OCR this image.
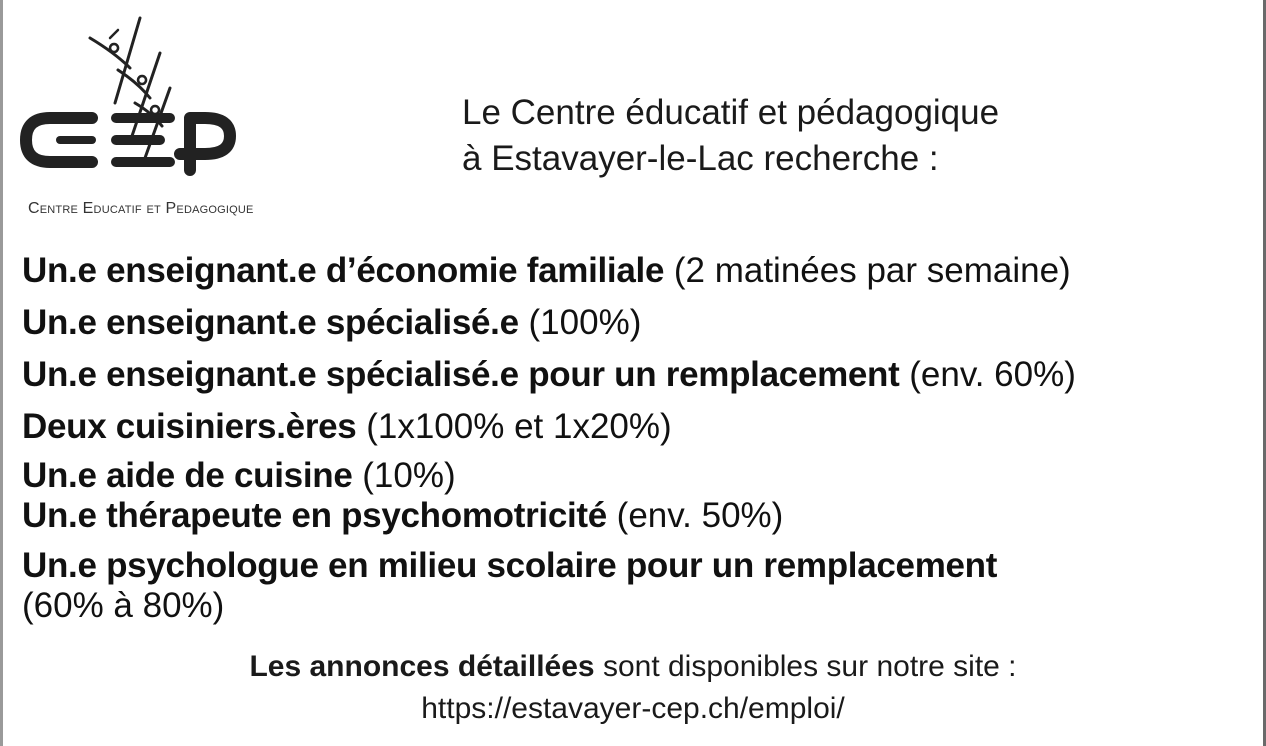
Centre Educatif et Pedagogique
Le Centre éducatif et pédagogique
à Estavayer-le-Lac recherche :
Un.e enseignant.e d’économie familiale (2 matinées par semaine)
Un.e enseignant.e spécialisé.e (100%)
Un.e enseignant.e spécialisé.e pour un remplacement (env. 60%)
Deux cuisiniers.ères (1x100% et 1x20%)
Un.e aide de cuisine (10%)
Un.e thérapeute en psychomotricité (env. 50%)
Un.e psychologue en milieu scolaire pour un remplacement
(60% à 80%)
Les annonces détaillées sont disponibles sur notre site :
https://estavayer-cep.ch/emploi/
